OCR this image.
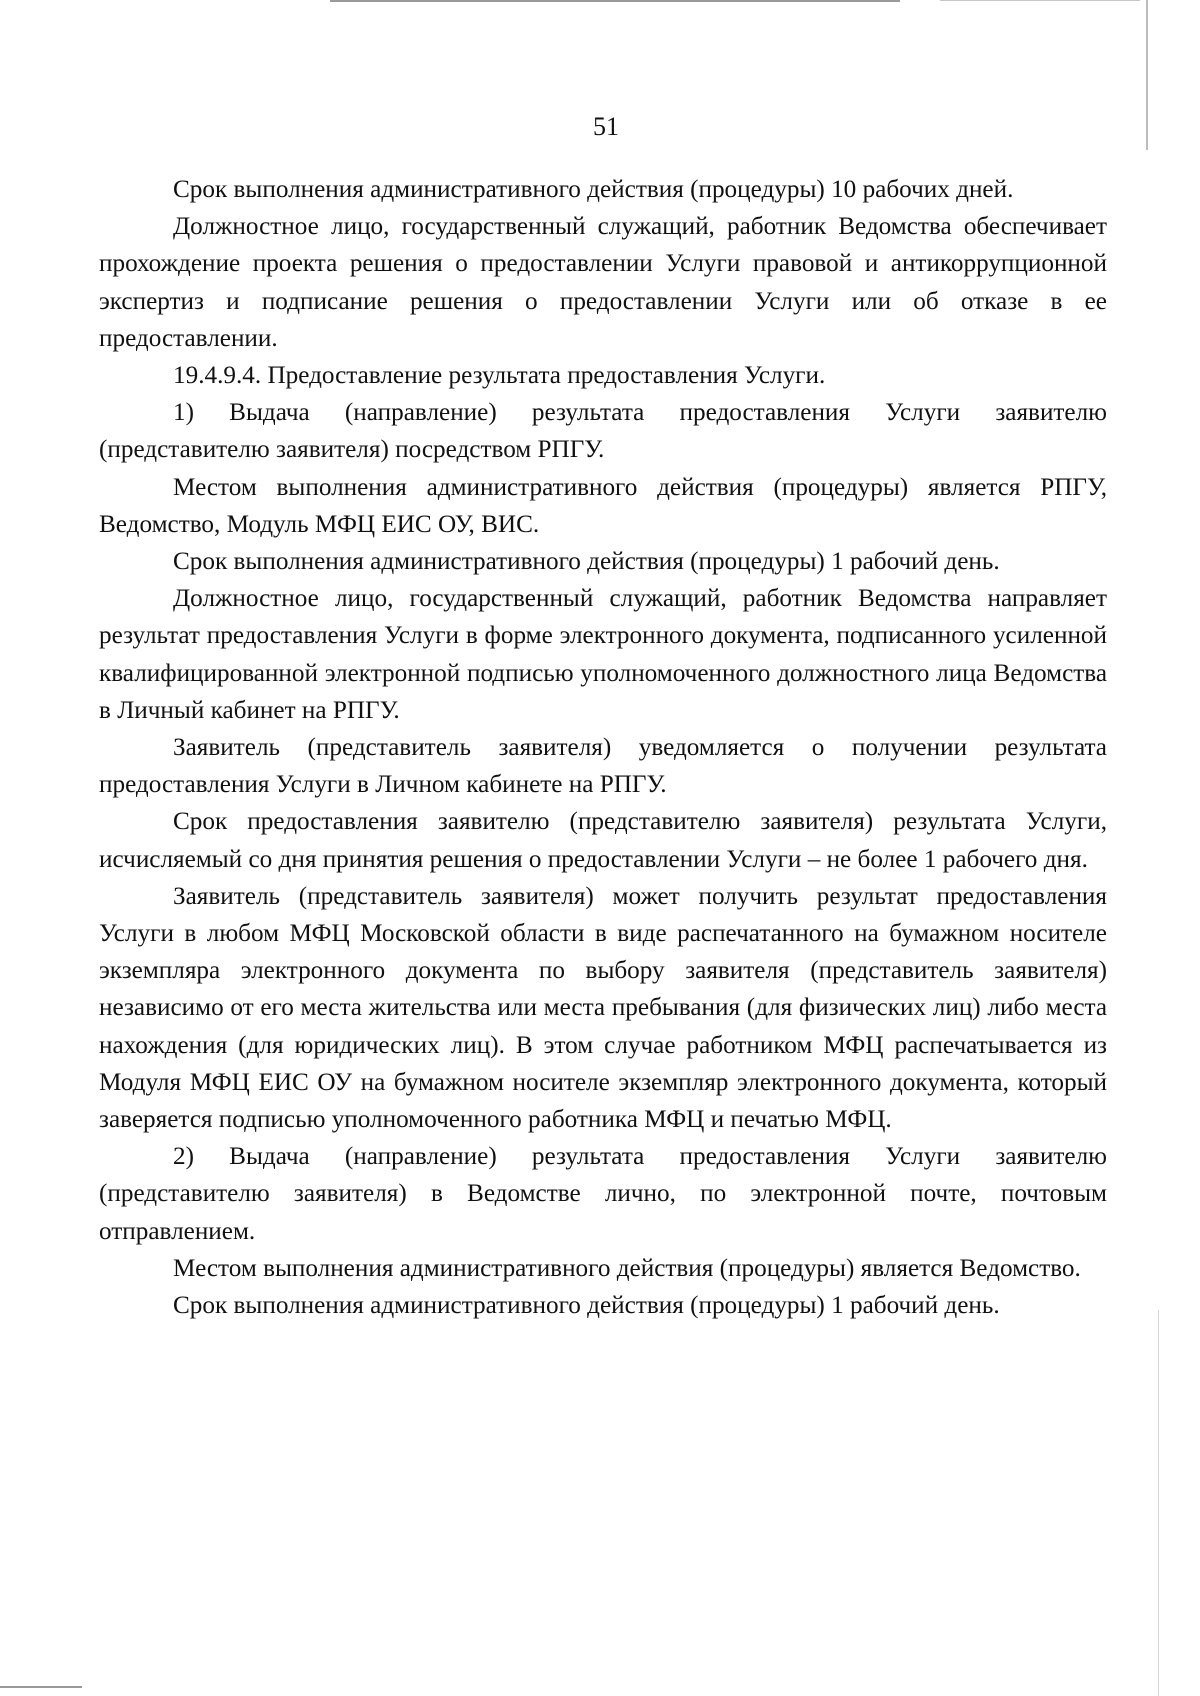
51

Срок выполнения административного действия (процедуры) 10 рабочих дней.

Должностное лицо, государственный служащий, работник Ведомства обеспечивает прохождение проекта решения о предоставлении Услуги правовой и антикоррупционной экспертиз и подписание решения о предоставлении Услуги или об отказе в ее предоставлении.

19.4.9.4. Предоставление результата предоставления Услуги.

1) Выдача (направление) результата предоставления Услуги заявителю (представителю заявителя) посредством РПГУ.

Местом выполнения административного действия (процедуры) является РПГУ, Ведомство, Модуль МФЦ ЕИС ОУ, ВИС.

Срок выполнения административного действия (процедуры) 1 рабочий день.

Должностное лицо, государственный служащий, работник Ведомства направляет результат предоставления Услуги в форме электронного документа, подписанного усиленной квалифицированной электронной подписью уполномоченного должностного лица Ведомства в Личный кабинет на РПГУ.

Заявитель (представитель заявителя) уведомляется о получении результата предоставления Услуги в Личном кабинете на РПГУ.

Срок предоставления заявителю (представителю заявителя) результата Услуги, исчисляемый со дня принятия решения о предоставлении Услуги – не более 1 рабочего дня.

Заявитель (представитель заявителя) может получить результат предоставления Услуги в любом МФЦ Московской области в виде распечатанного на бумажном носителе экземпляра электронного документа по выбору заявителя (представитель заявителя) независимо от его места жительства или места пребывания (для физических лиц) либо места нахождения (для юридических лиц). В этом случае работником МФЦ распечатывается из Модуля МФЦ ЕИС ОУ на бумажном носителе экземпляр электронного документа, который заверяется подписью уполномоченного работника МФЦ и печатью МФЦ.

2) Выдача (направление) результата предоставления Услуги заявителю (представителю заявителя) в Ведомстве лично, по электронной почте, почтовым отправлением.

Местом выполнения административного действия (процедуры) является Ведомство.

Срок выполнения административного действия (процедуры) 1 рабочий день.
